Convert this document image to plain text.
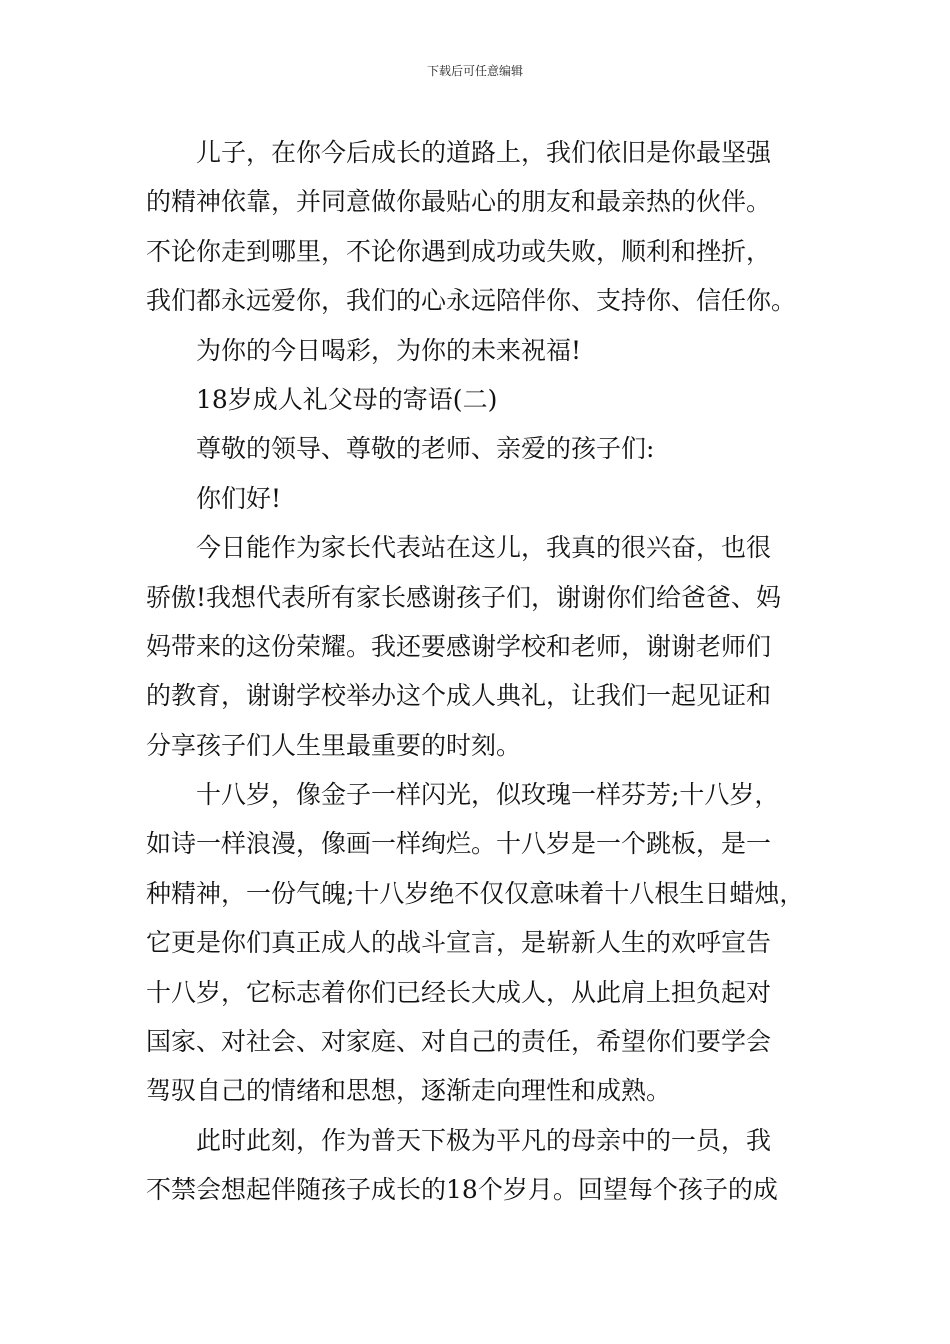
下载后可任意编辑
儿子，在你今后成长的道路上，我们依旧是你最坚强
的精神依靠，并同意做你最贴心的朋友和最亲热的伙伴。
不论你走到哪里，不论你遇到成功或失败，顺利和挫折，
我们都永远爱你，我们的心永远陪伴你、支持你、信任你。
为你的今日喝彩，为你的未来祝福!
18岁成人礼父母的寄语(二)
尊敬的领导、尊敬的老师、亲爱的孩子们:
你们好!
今日能作为家长代表站在这儿，我真的很兴奋，也很
骄傲!我想代表所有家长感谢孩子们，谢谢你们给爸爸、妈
妈带来的这份荣耀。我还要感谢学校和老师，谢谢老师们
的教育，谢谢学校举办这个成人典礼，让我们一起见证和
分享孩子们人生里最重要的时刻。
十八岁，像金子一样闪光，似玫瑰一样芬芳;十八岁，
如诗一样浪漫，像画一样绚烂。十八岁是一个跳板，是一
种精神，一份气魄;十八岁绝不仅仅意味着十八根生日蜡烛，
它更是你们真正成人的战斗宣言，是崭新人生的欢呼宣告
十八岁，它标志着你们已经长大成人，从此肩上担负起对
国家、对社会、对家庭、对自己的责任，希望你们要学会
驾驭自己的情绪和思想，逐渐走向理性和成熟。
此时此刻，作为普天下极为平凡的母亲中的一员，我
不禁会想起伴随孩子成长的18个岁月。回望每个孩子的成
